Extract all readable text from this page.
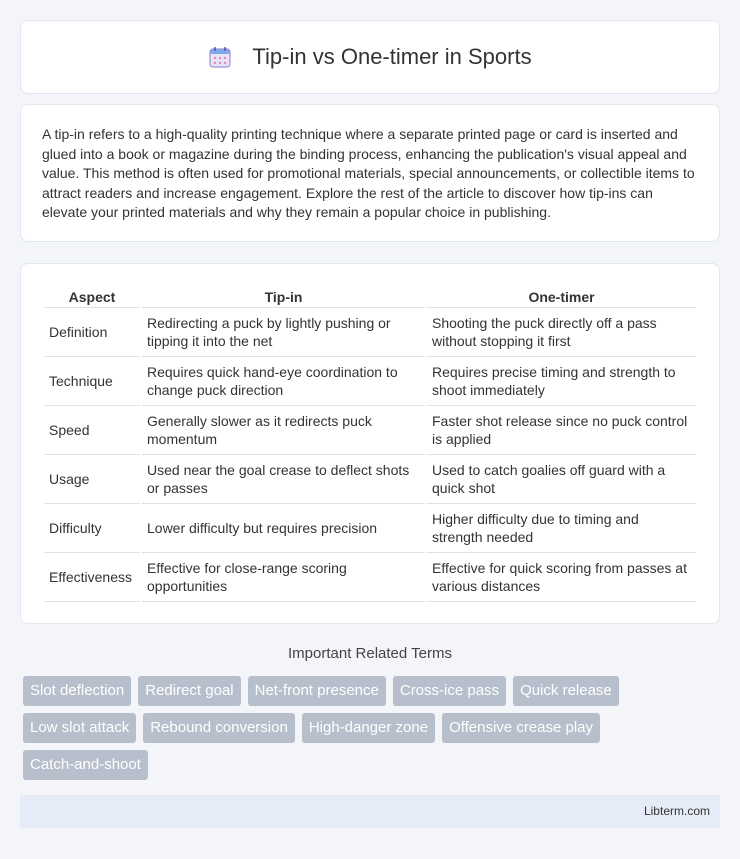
Tip-in vs One-timer in Sports

A tip-in refers to a high-quality printing technique where a separate printed page or card is inserted and glued into a book or magazine during the binding process, enhancing the publication's visual appeal and value. This method is often used for promotional materials, special announcements, or collectible items to attract readers and increase engagement. Explore the rest of the article to discover how tip-ins can elevate your printed materials and why they remain a popular choice in publishing.

Aspect	Tip-in	One-timer
Definition	Redirecting a puck by lightly pushing or tipping it into the net	Shooting the puck directly off a pass without stopping it first
Technique	Requires quick hand-eye coordination to change puck direction	Requires precise timing and strength to shoot immediately
Speed	Generally slower as it redirects puck momentum	Faster shot release since no puck control is applied
Usage	Used near the goal crease to deflect shots or passes	Used to catch goalies off guard with a quick shot
Difficulty	Lower difficulty but requires precision	Higher difficulty due to timing and strength needed
Effectiveness	Effective for close-range scoring opportunities	Effective for quick scoring from passes at various distances
Important Related Terms
Slot deflection	Redirect goal	Net-front presence	Cross-ice pass	Quick release
Low slot attack	Rebound conversion	High-danger zone	Offensive crease play
Catch-and-shoot
Libterm.com
